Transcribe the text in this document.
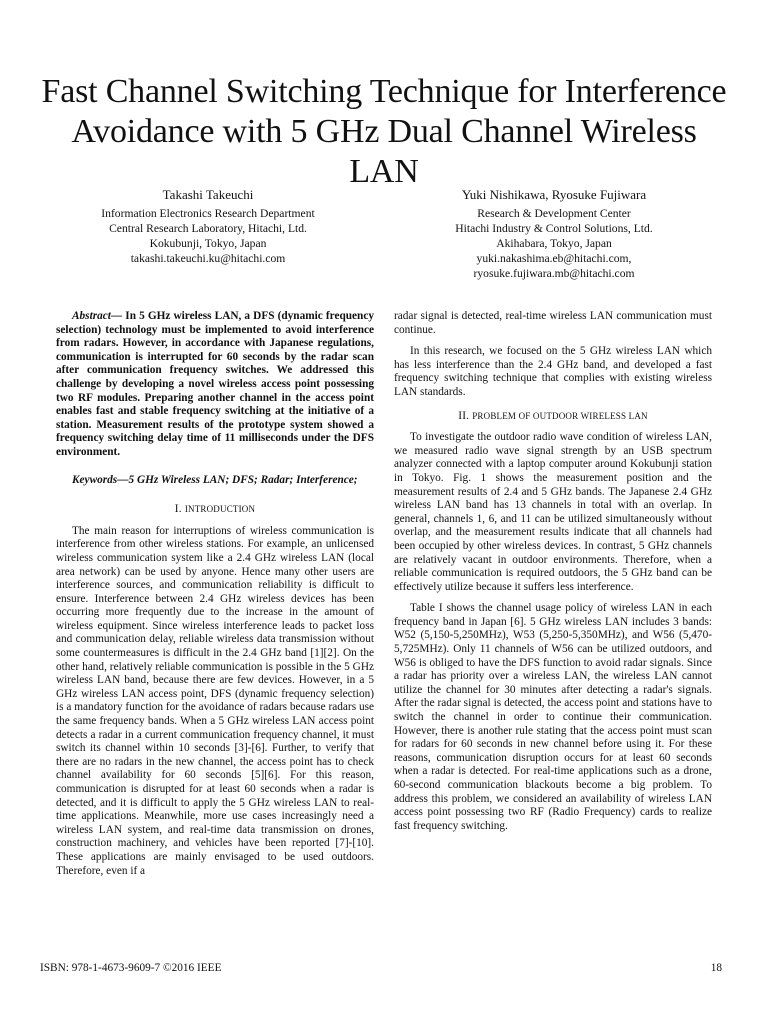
Fast Channel Switching Technique for Interference Avoidance with 5 GHz Dual Channel Wireless LAN
Takashi Takeuchi
Information Electronics Research Department
Central Research Laboratory, Hitachi, Ltd.
Kokubunji, Tokyo, Japan
takashi.takeuchi.ku@hitachi.com
Yuki Nishikawa, Ryosuke Fujiwara
Research & Development Center
Hitachi Industry & Control Solutions, Ltd.
Akihabara, Tokyo, Japan
yuki.nakashima.eb@hitachi.com,
ryosuke.fujiwara.mb@hitachi.com

Abstract— In 5 GHz wireless LAN, a DFS (dynamic frequency selection) technology must be implemented to avoid interference from radars. However, in accordance with Japanese regulations, communication is interrupted for 60 seconds by the radar scan after communication frequency switches. We addressed this challenge by developing a novel wireless access point possessing two RF modules. Preparing another channel in the access point enables fast and stable frequency switching at the initiative of a station. Measurement results of the prototype system showed a frequency switching delay time of 11 milliseconds under the DFS environment.

Keywords—5 GHz Wireless LAN; DFS; Radar; Interference;

I. INTRODUCTION

The main reason for interruptions of wireless communication is interference from other wireless stations. For example, an unlicensed wireless communication system like a 2.4 GHz wireless LAN (local area network) can be used by anyone. Hence many other users are interference sources, and communication reliability is difficult to ensure. Interference between 2.4 GHz wireless devices has been occurring more frequently due to the increase in the amount of wireless equipment. Since wireless interference leads to packet loss and communication delay, reliable wireless data transmission without some countermeasures is difficult in the 2.4 GHz band [1][2]. On the other hand, relatively reliable communication is possible in the 5 GHz wireless LAN band, because there are few devices. However, in a 5 GHz wireless LAN access point, DFS (dynamic frequency selection) is a mandatory function for the avoidance of radars because radars use the same frequency bands. When a 5 GHz wireless LAN access point detects a radar in a current communication frequency channel, it must switch its channel within 10 seconds [3]-[6]. Further, to verify that there are no radars in the new channel, the access point has to check channel availability for 60 seconds [5][6]. For this reason, communication is disrupted for at least 60 seconds when a radar is detected, and it is difficult to apply the 5 GHz wireless LAN to real-time applications. Meanwhile, more use cases increasingly need a wireless LAN system, and real-time data transmission on drones, construction machinery, and vehicles have been reported [7]-[10]. These applications are mainly envisaged to be used outdoors. Therefore, even if a

radar signal is detected, real-time wireless LAN communication must continue.

In this research, we focused on the 5 GHz wireless LAN which has less interference than the 2.4 GHz band, and developed a fast frequency switching technique that complies with existing wireless LAN standards.

II. PROBLEM OF OUTDOOR WIRELESS LAN

To investigate the outdoor radio wave condition of wireless LAN, we measured radio wave signal strength by an USB spectrum analyzer connected with a laptop computer around Kokubunji station in Tokyo. Fig. 1 shows the measurement position and the measurement results of 2.4 and 5 GHz bands. The Japanese 2.4 GHz wireless LAN band has 13 channels in total with an overlap. In general, channels 1, 6, and 11 can be utilized simultaneously without overlap, and the measurement results indicate that all channels had been occupied by other wireless devices. In contrast, 5 GHz channels are relatively vacant in outdoor environments. Therefore, when a reliable communication is required outdoors, the 5 GHz band can be effectively utilize because it suffers less interference.

Table I shows the channel usage policy of wireless LAN in each frequency band in Japan [6]. 5 GHz wireless LAN includes 3 bands: W52 (5,150-5,250MHz), W53 (5,250-5,350MHz), and W56 (5,470-5,725MHz). Only 11 channels of W56 can be utilized outdoors, and W56 is obliged to have the DFS function to avoid radar signals. Since a radar has priority over a wireless LAN, the wireless LAN cannot utilize the channel for 30 minutes after detecting a radar's signals. After the radar signal is detected, the access point and stations have to switch the channel in order to continue their communication. However, there is another rule stating that the access point must scan for radars for 60 seconds in new channel before using it. For these reasons, communication disruption occurs for at least 60 seconds when a radar is detected. For real-time applications such as a drone, 60-second communication blackouts become a big problem. To address this problem, we considered an availability of wireless LAN access point possessing two RF (Radio Frequency) cards to realize fast frequency switching.

ISBN: 978-1-4673-9609-7 ©2016 IEEE	18
